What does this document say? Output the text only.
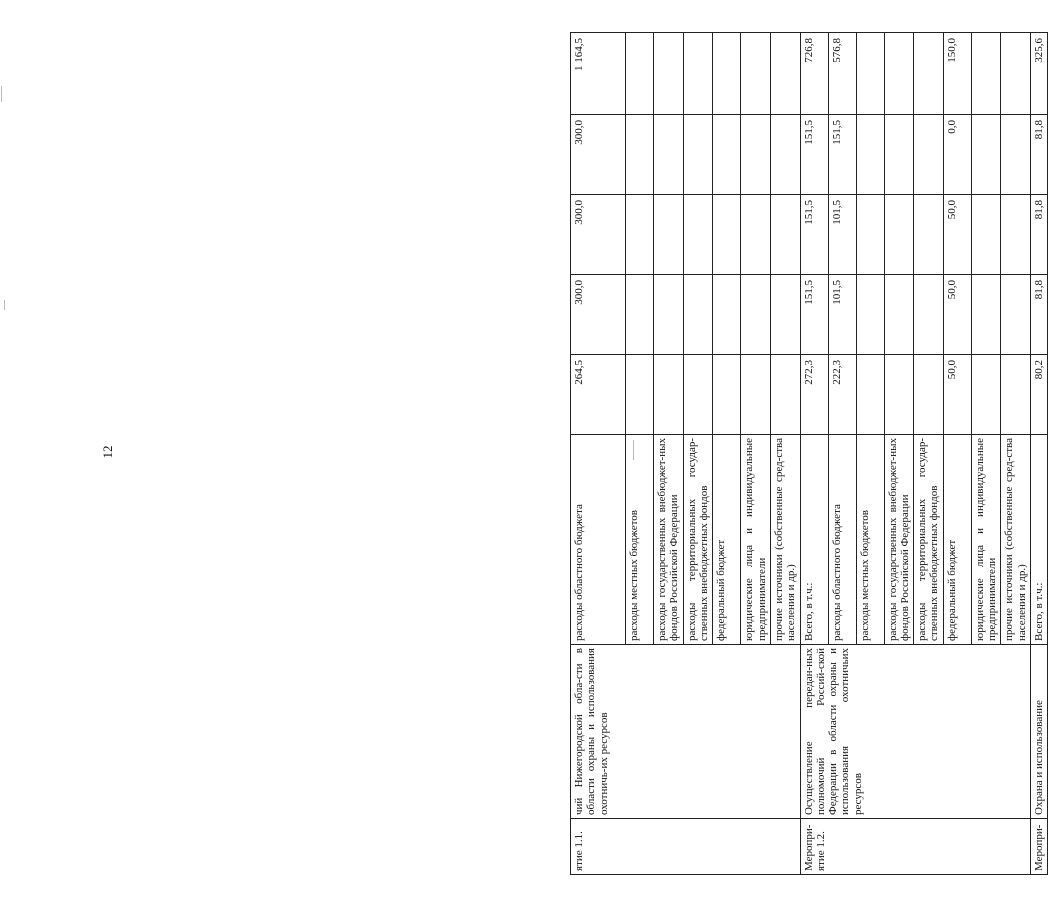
12
ятие 1.1.	чий Нижегородской обла-сти в области охраны и использования охотничь-их ресурсов	расходы областного бюджета	264,5	300,0	300,0	300,0	1 164,5
		расходы местных бюджетов					
		расходы государственных внебюджет-ных фондов Российской Федерации					
		расходы территориальных государ-ственных внебюджетных фондов					
		федеральный бюджет					
		юридические лица и индивидуальные предприниматели					
		прочие источники (собственные сред-ства населения и др.)					
Меропри-ятие 1.2.	Осуществление передан-ных полномочий Россий-ской Федерации в области охраны и использования охотничьих ресурсов	Всего, в т.ч.:	272,3	151,5	151,5	151,5	726,8
		расходы областного бюджета	222,3	101,5	101,5	151,5	576,8
		расходы местных бюджетов					
		расходы государственных внебюджет-ных фондов Российской Федерации					
		расходы территориальных государ-ственных внебюджетных фондов					
		федеральный бюджет	50,0	50,0	50,0	0,0	150,0
		юридические лица и индивидуальные предприниматели					
		прочие источники (собственные сред-ства населения и др.)					
Меропри-	Охрана и использование	Всего, в т.ч.:	80,2	81,8	81,8	81,8	325,6
